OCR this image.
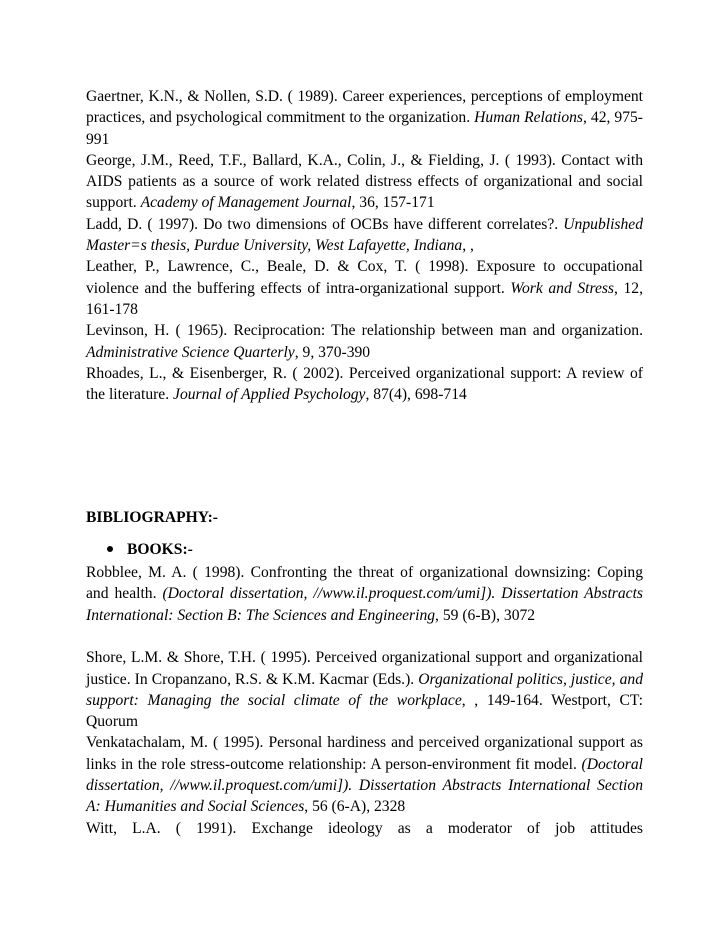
Gaertner, K.N., & Nollen, S.D. ( 1989). Career experiences, perceptions of employment practices, and psychological commitment to the organization. Human Relations, 42, 975-991

George, J.M., Reed, T.F., Ballard, K.A., Colin, J., & Fielding, J. ( 1993). Contact with AIDS patients as a source of work related distress effects of organizational and social support. Academy of Management Journal, 36, 157-171

Ladd, D. ( 1997). Do two dimensions of OCBs have different correlates?. Unpublished Master=s thesis, Purdue University, West Lafayette, Indiana, ,

Leather, P., Lawrence, C., Beale, D. & Cox, T. ( 1998). Exposure to occupational violence and the buffering effects of intra-organizational support. Work and Stress, 12, 161-178

Levinson, H. ( 1965). Reciprocation: The relationship between man and organization. Administrative Science Quarterly, 9, 370-390

Rhoades, L., & Eisenberger, R. ( 2002). Perceived organizational support: A review of the literature. Journal of Applied Psychology, 87(4), 698-714

BIBLIOGRAPHY:-

BOOKS:-

Robblee, M. A. ( 1998). Confronting the threat of organizational downsizing: Coping and health. (Doctoral dissertation, //www.il.proquest.com/umi]). Dissertation Abstracts International: Section B: The Sciences and Engineering, 59 (6-B), 3072

Shore, L.M. & Shore, T.H. ( 1995). Perceived organizational support and organizational justice. In Cropanzano, R.S. & K.M. Kacmar (Eds.). Organizational politics, justice, and support: Managing the social climate of the workplace, , 149-164. Westport, CT: Quorum

Venkatachalam, M. ( 1995). Personal hardiness and perceived organizational support as links in the role stress-outcome relationship: A person-environment fit model. (Doctoral dissertation, //www.il.proquest.com/umi]). Dissertation Abstracts International Section A: Humanities and Social Sciences, 56 (6-A), 2328

Witt, L.A. ( 1991). Exchange ideology as a moderator of job attitudes
